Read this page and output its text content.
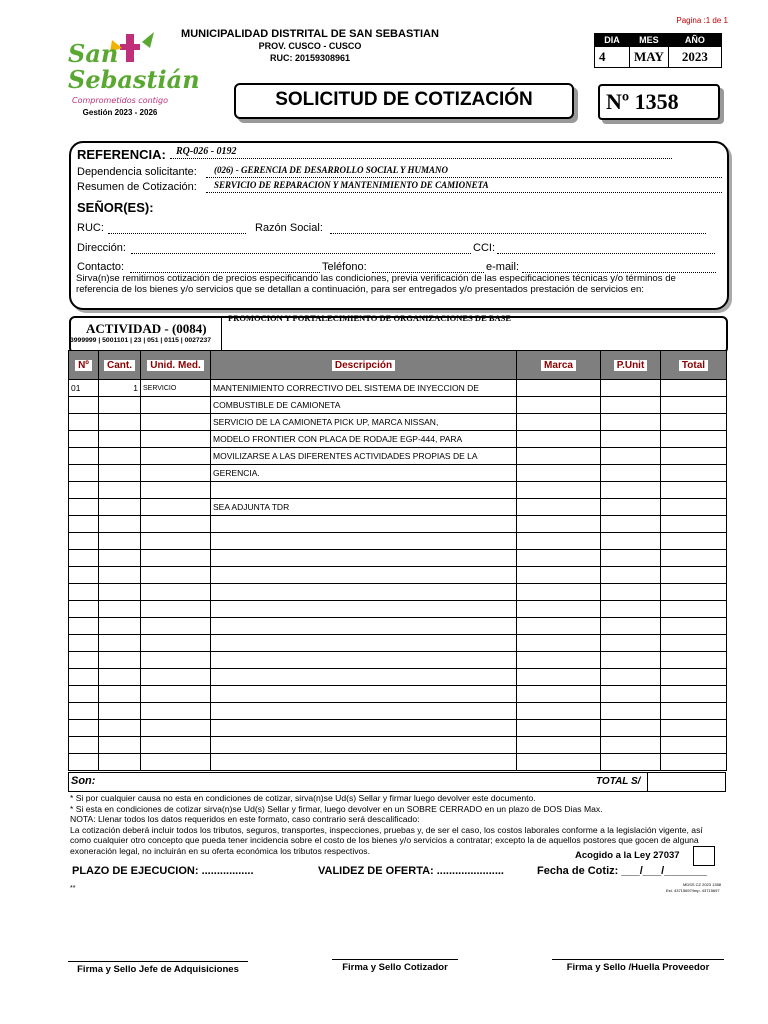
Pagina :1 de 1
San
Sebastián
Comprometidos contigo
Gestión 2023 - 2026
MUNICIPALIDAD DISTRITAL DE SAN SEBASTIAN
PROV. CUSCO - CUSCO
RUC: 20159308961
DIA	MES	AÑO
4	MAY	2023
SOLICITUD DE COTIZACIÓN	Nº 1358
REFERENCIA: RQ-026 - 0192
Dependencia solicitante: (026) - GERENCIA DE DESARROLLO SOCIAL Y HUMANO
Resumen de Cotización: SERVICIO DE REPARACION Y MANTENIMIENTO DE CAMIONETA
SEÑOR(ES):
RUC:	Razón Social:
Dirección:	CCI:
Contacto:	Teléfono:	e-mail:
Sirva(n)se remitirnos cotización de precios especificando las condiciones, previa verificación de las especificaciones técnicas y/o términos de referencia de los bienes y/o servicios que se detallan a continuación, para ser entregados y/o presentados prestación de servicios en:
ACTIVIDAD - (0084)
3999999 | 5001101 | 23 | 051 | 0115 | 0027237
PROMOCION Y FORTALECIMIENTO DE ORGANIZACIONES DE BASE
Nº	Cant.	Unid. Med.	Descripción	Marca	P.Unit	Total
01	1	SERVICIO	MANTENIMIENTO CORRECTIVO DEL SISTEMA DE INYECCION DE			
			COMBUSTIBLE DE CAMIONETA			
			SERVICIO DE LA CAMIONETA PICK UP, MARCA NISSAN,			
			MODELO FRONTIER CON PLACA DE RODAJE EGP-444, PARA			
			MOVILIZARSE A LAS DIFERENTES ACTIVIDADES PROPIAS DE LA			
			GERENCIA.			

			SEA ADJUNTA TDR			

Son:	TOTAL S/
* Si por cualquier causa no esta en condiciones de cotizar, sirva(n)se Ud(s) Sellar y firmar luego devolver este documento.
* Si esta en condiciones de cotizar sirva(n)se Ud(s) Sellar y firmar, luego devolver en un SOBRE CERRADO en un plazo de DOS Dias Max.
NOTA: Llenar todos los datos requeridos en este formato, caso contrario será descalificado:
La cotización deberá incluir todos los tributos, seguros, transportes, inspecciones, pruebas y, de ser el caso, los costos laborales conforme a la legislación vigente, así como cualquier otro concepto que pueda tener incidencia sobre el costo de los bienes y/o servicios a contratar; excepto la de aquellos postores que gocen de alguna exoneración legal, no incluirán en su oferta económica los tributos respectivos.	Acogido a la Ley 27037
PLAZO DE EJECUCION: .................	VALIDEZ DE OFERTA: ......................	Fecha de Cotiz: ___/___/_______
MDSS CZ 2023 1358
Est. 43715697/Imp. 43715697
**
Firma y Sello Jefe de Adquisiciones	Firma y Sello Cotizador	Firma y Sello /Huella Proveedor
